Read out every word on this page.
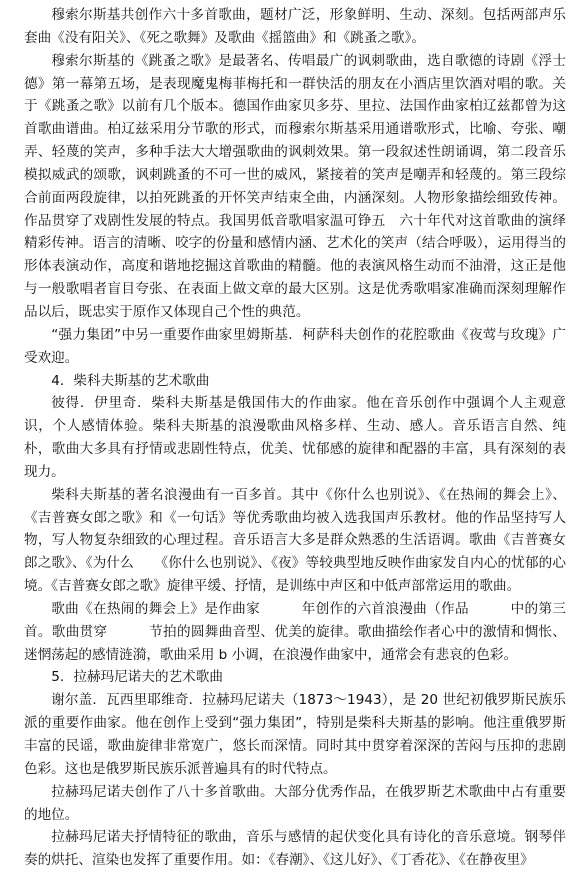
穆索尔斯基共创作六十多首歌曲，题材广泛，形象鲜明、生动、深刻。包括两部声乐套曲《没有阳关》、《死之歌舞》及歌曲《摇篮曲》和《跳蚤之歌》。

穆索尔斯基的《跳蚤之歌》是最著名、传唱最广的讽刺歌曲，选自歌德的诗剧《浮士德》第一幕第五场，是表现魔鬼梅菲梅托和一群快活的朋友在小酒店里饮酒对唱的歌。关于《跳蚤之歌》以前有几个版本。德国作曲家贝多芬、里拉、法国作曲家柏辽兹都曾为这首歌曲谱曲。柏辽兹采用分节歌的形式，而穆索尔斯基采用通谱歌形式，比喻、夸张、嘲弄、轻蔑的笑声，多种手法大大增强歌曲的讽刺效果。第一段叙述性朗诵调，第二段音乐模拟威武的颂歌，讽刺跳蚤的不可一世的威风，紧接着的笑声是嘲弄和轻蔑的。第三段综合前面两段旋律，以拍死跳蚤的开怀笑声结束全曲，内涵深刻。人物形象描绘细致传神。作品贯穿了戏剧性发展的特点。我国男低音歌唱家温可铮五　六十年代对这首歌曲的演绎精彩传神。语言的清晰、咬字的份量和感情内涵、艺术化的笑声（结合呼吸），运用得当的形体表演动作，高度和谐地挖掘这首歌曲的精髓。他的表演风格生动而不油滑，这正是他与一般歌唱者盲目夸张、在表面上做文章的最大区别。这是优秀歌唱家准确而深刻理解作品以后，既忠实于原作又体现自己个性的典范。

“强力集团”中另一重要作曲家里姆斯基．柯萨科夫创作的花腔歌曲《夜莺与玫瑰》广受欢迎。

4．柴科夫斯基的艺术歌曲

彼得．伊里奇．柴科夫斯基是俄国伟大的作曲家。他在音乐创作中强调个人主观意识，个人感情体验。柴科夫斯基的浪漫歌曲风格多样、生动、感人。音乐语言自然、纯朴，歌曲大多具有抒情或悲剧性特点，优美、忧郁感的旋律和配器的丰富，具有深刻的表现力。

柴科夫斯基的著名浪漫曲有一百多首。其中《你什么也别说》、《在热闹的舞会上》、《吉普赛女郎之歌》和《一句话》等优秀歌曲均被入选我国声乐教材。他的作品坚持写人物，写人物复杂细致的心理过程。音乐语言大多是群众熟悉的生活语调。歌曲《吉普赛女郎之歌》、《为什么　　《你什么也别说》、《夜》等较典型地反映作曲家发自内心的忧郁的心境。《吉普赛女郎之歌》旋律平缓、抒情，是训练中声区和中低声部常运用的歌曲。

歌曲《在热闹的舞会上》是作曲家　　　年创作的六首浪漫曲（作品　　　中的第三首。歌曲贯穿　　　节拍的圆舞曲音型、优美的旋律。歌曲描绘作者心中的激情和惆怅、迷惘荡起的感情涟漪，歌曲采用 b 小调，在浪漫作曲家中，通常会有悲哀的色彩。

5．拉赫玛尼诺夫的艺术歌曲

谢尔盖．瓦西里耶维奇．拉赫玛尼诺夫（1873～1943），是 20 世纪初俄罗斯民族乐派的重要作曲家。他在创作上受到“强力集团”，特别是柴科夫斯基的影响。他注重俄罗斯丰富的民谣，歌曲旋律非常宽广，悠长而深情。同时其中贯穿着深深的苦闷与压抑的悲剧色彩。这也是俄罗斯民族乐派普遍具有的时代特点。

拉赫玛尼诺夫创作了八十多首歌曲。大部分优秀作品，在俄罗斯艺术歌曲中占有重要的地位。

拉赫玛尼诺夫抒情特征的歌曲，音乐与感情的起伏变化具有诗化的音乐意境。钢琴伴奏的烘托、渲染也发挥了重要作用。如：《春潮》、《这儿好》、《丁香花》、《在静夜里》
